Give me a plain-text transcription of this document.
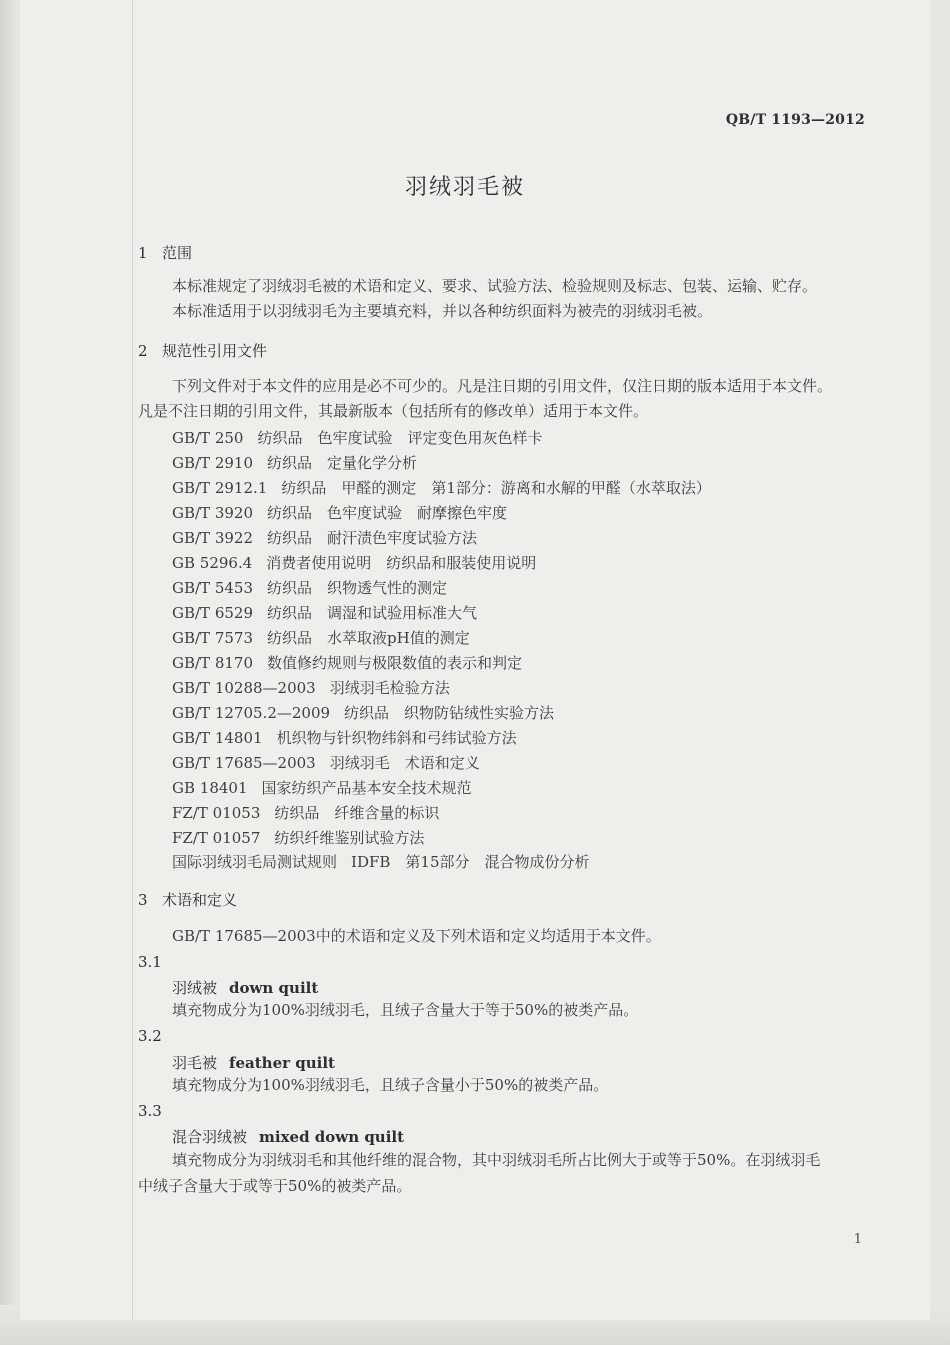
QB/T 1193—2012
羽绒羽毛被
1 范围
本标准规定了羽绒羽毛被的术语和定义、要求、试验方法、检验规则及标志、包装、运输、贮存。
本标准适用于以羽绒羽毛为主要填充料，并以各种纺织面料为被壳的羽绒羽毛被。
2 规范性引用文件
下列文件对于本文件的应用是必不可少的。凡是注日期的引用文件，仅注日期的版本适用于本文件。
凡是不注日期的引用文件，其最新版本（包括所有的修改单）适用于本文件。
GB/T 250 纺织品　色牢度试验　评定变色用灰色样卡
GB/T 2910 纺织品　定量化学分析
GB/T 2912.1 纺织品　甲醛的测定　第1部分：游离和水解的甲醛（水萃取法）
GB/T 3920 纺织品　色牢度试验　耐摩擦色牢度
GB/T 3922 纺织品　耐汗渍色牢度试验方法
GB 5296.4 消费者使用说明　纺织品和服装使用说明
GB/T 5453 纺织品　织物透气性的测定
GB/T 6529 纺织品　调湿和试验用标准大气
GB/T 7573 纺织品　水萃取液pH值的测定
GB/T 8170 数值修约规则与极限数值的表示和判定
GB/T 10288—2003 羽绒羽毛检验方法
GB/T 12705.2—2009 纺织品　织物防钻绒性实验方法
GB/T 14801 机织物与针织物纬斜和弓纬试验方法
GB/T 17685—2003 羽绒羽毛　术语和定义
GB 18401 国家纺织产品基本安全技术规范
FZ/T 01053 纺织品　纤维含量的标识
FZ/T 01057 纺织纤维鉴别试验方法
国际羽绒羽毛局测试规则 IDFB　第15部分　混合物成份分析
3 术语和定义
GB/T 17685—2003中的术语和定义及下列术语和定义均适用于本文件。
3.1
羽绒被 down quilt
填充物成分为100%羽绒羽毛，且绒子含量大于等于50%的被类产品。
3.2
羽毛被 feather quilt
填充物成分为100%羽绒羽毛，且绒子含量小于50%的被类产品。
3.3
混合羽绒被 mixed down quilt
填充物成分为羽绒羽毛和其他纤维的混合物，其中羽绒羽毛所占比例大于或等于50%。在羽绒羽毛
中绒子含量大于或等于50%的被类产品。
1
